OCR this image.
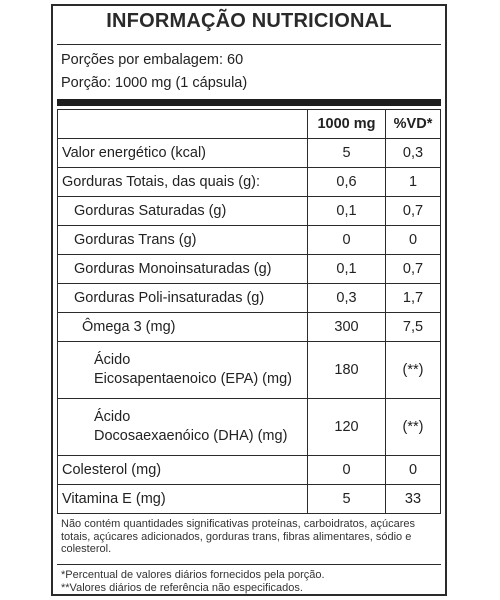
INFORMAÇÃO NUTRICIONAL
Porções por embalagem: 60
Porção: 1000 mg (1 cápsula)
	1000 mg	%VD*
Valor energético (kcal)	5	0,3
Gorduras Totais, das quais (g):	0,6	1
Gorduras Saturadas (g)	0,1	0,7
Gorduras Trans (g)	0	0
Gorduras Monoinsaturadas (g)	0,1	0,7
Gorduras Poli-insaturadas (g)	0,3	1,7
Ômega 3 (mg)	300	7,5

Ácido
Eicosapentaenoico (EPA) (mg)	180	(**)

Ácido
Docosaexaenóico (DHA) (mg)	120	(**)
Colesterol (mg)	0	0
Vitamina E (mg)	5	33
Não contém quantidades significativas proteínas, carboidratos, açúcares totais, açúcares adicionados, gorduras trans, fibras alimentares, sódio e colesterol.
*Percentual de valores diários fornecidos pela porção.
**Valores diários de referência não especificados.
